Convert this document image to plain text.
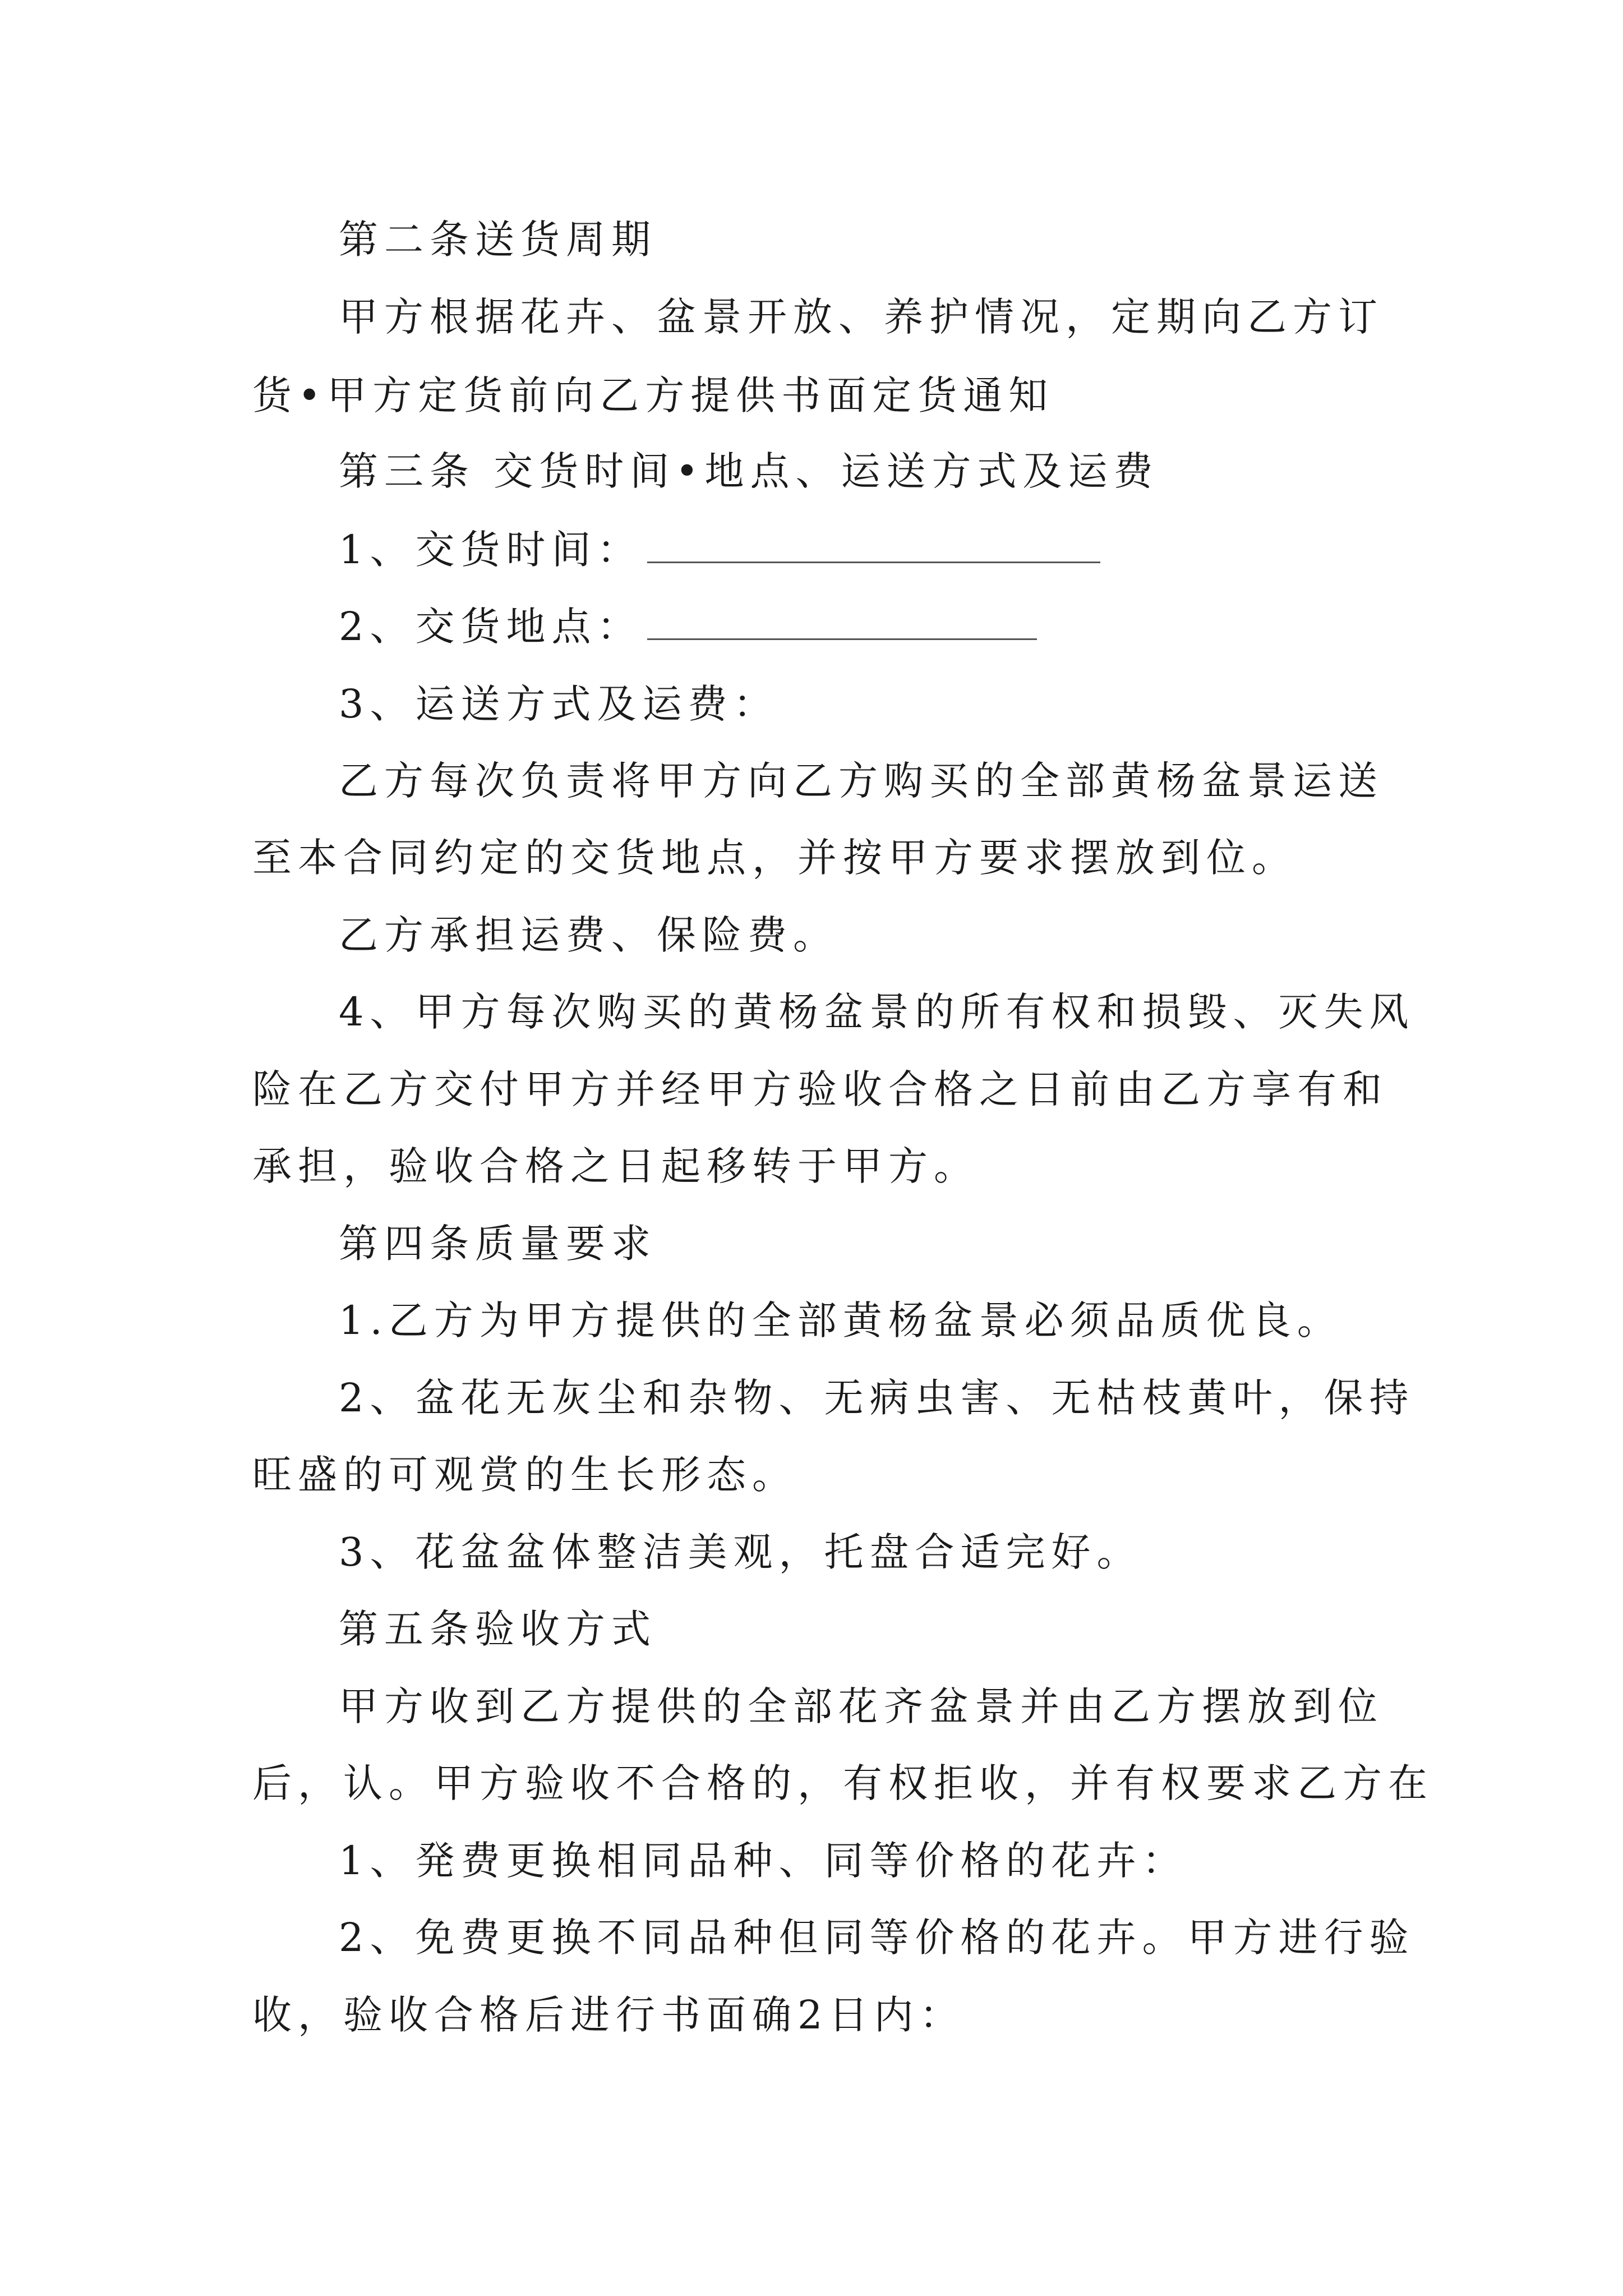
第二条送货周期
甲方根据花卉、盆景开放、养护情况，定期向乙方订
货•甲方定货前向乙方提供书面定货通知
第三条 交货时间•地点、运送方式及运费
1、交货时间：
2、交货地点：
3、运送方式及运费：
乙方每次负责将甲方向乙方购买的全部黄杨盆景运送
至本合同约定的交货地点，并按甲方要求摆放到位。
乙方承担运费、保险费。
4、甲方每次购买的黄杨盆景的所有权和损毁、灭失风
险在乙方交付甲方并经甲方验收合格之日前由乙方享有和
承担，验收合格之日起移转于甲方。
第四条质量要求
1.乙方为甲方提供的全部黄杨盆景必须品质优良。
2、盆花无灰尘和杂物、无病虫害、无枯枝黄叶，保持
旺盛的可观赏的生长形态。
3、花盆盆体整洁美观，托盘合适完好。
第五条验收方式
甲方收到乙方提供的全部花齐盆景并由乙方摆放到位
后，认。甲方验收不合格的，有权拒收，并有权要求乙方在
1、発费更换相同品种、同等价格的花卉：
2、免费更换不同品种但同等价格的花卉。甲方进行验
收，验收合格后进行书面确2日内：
